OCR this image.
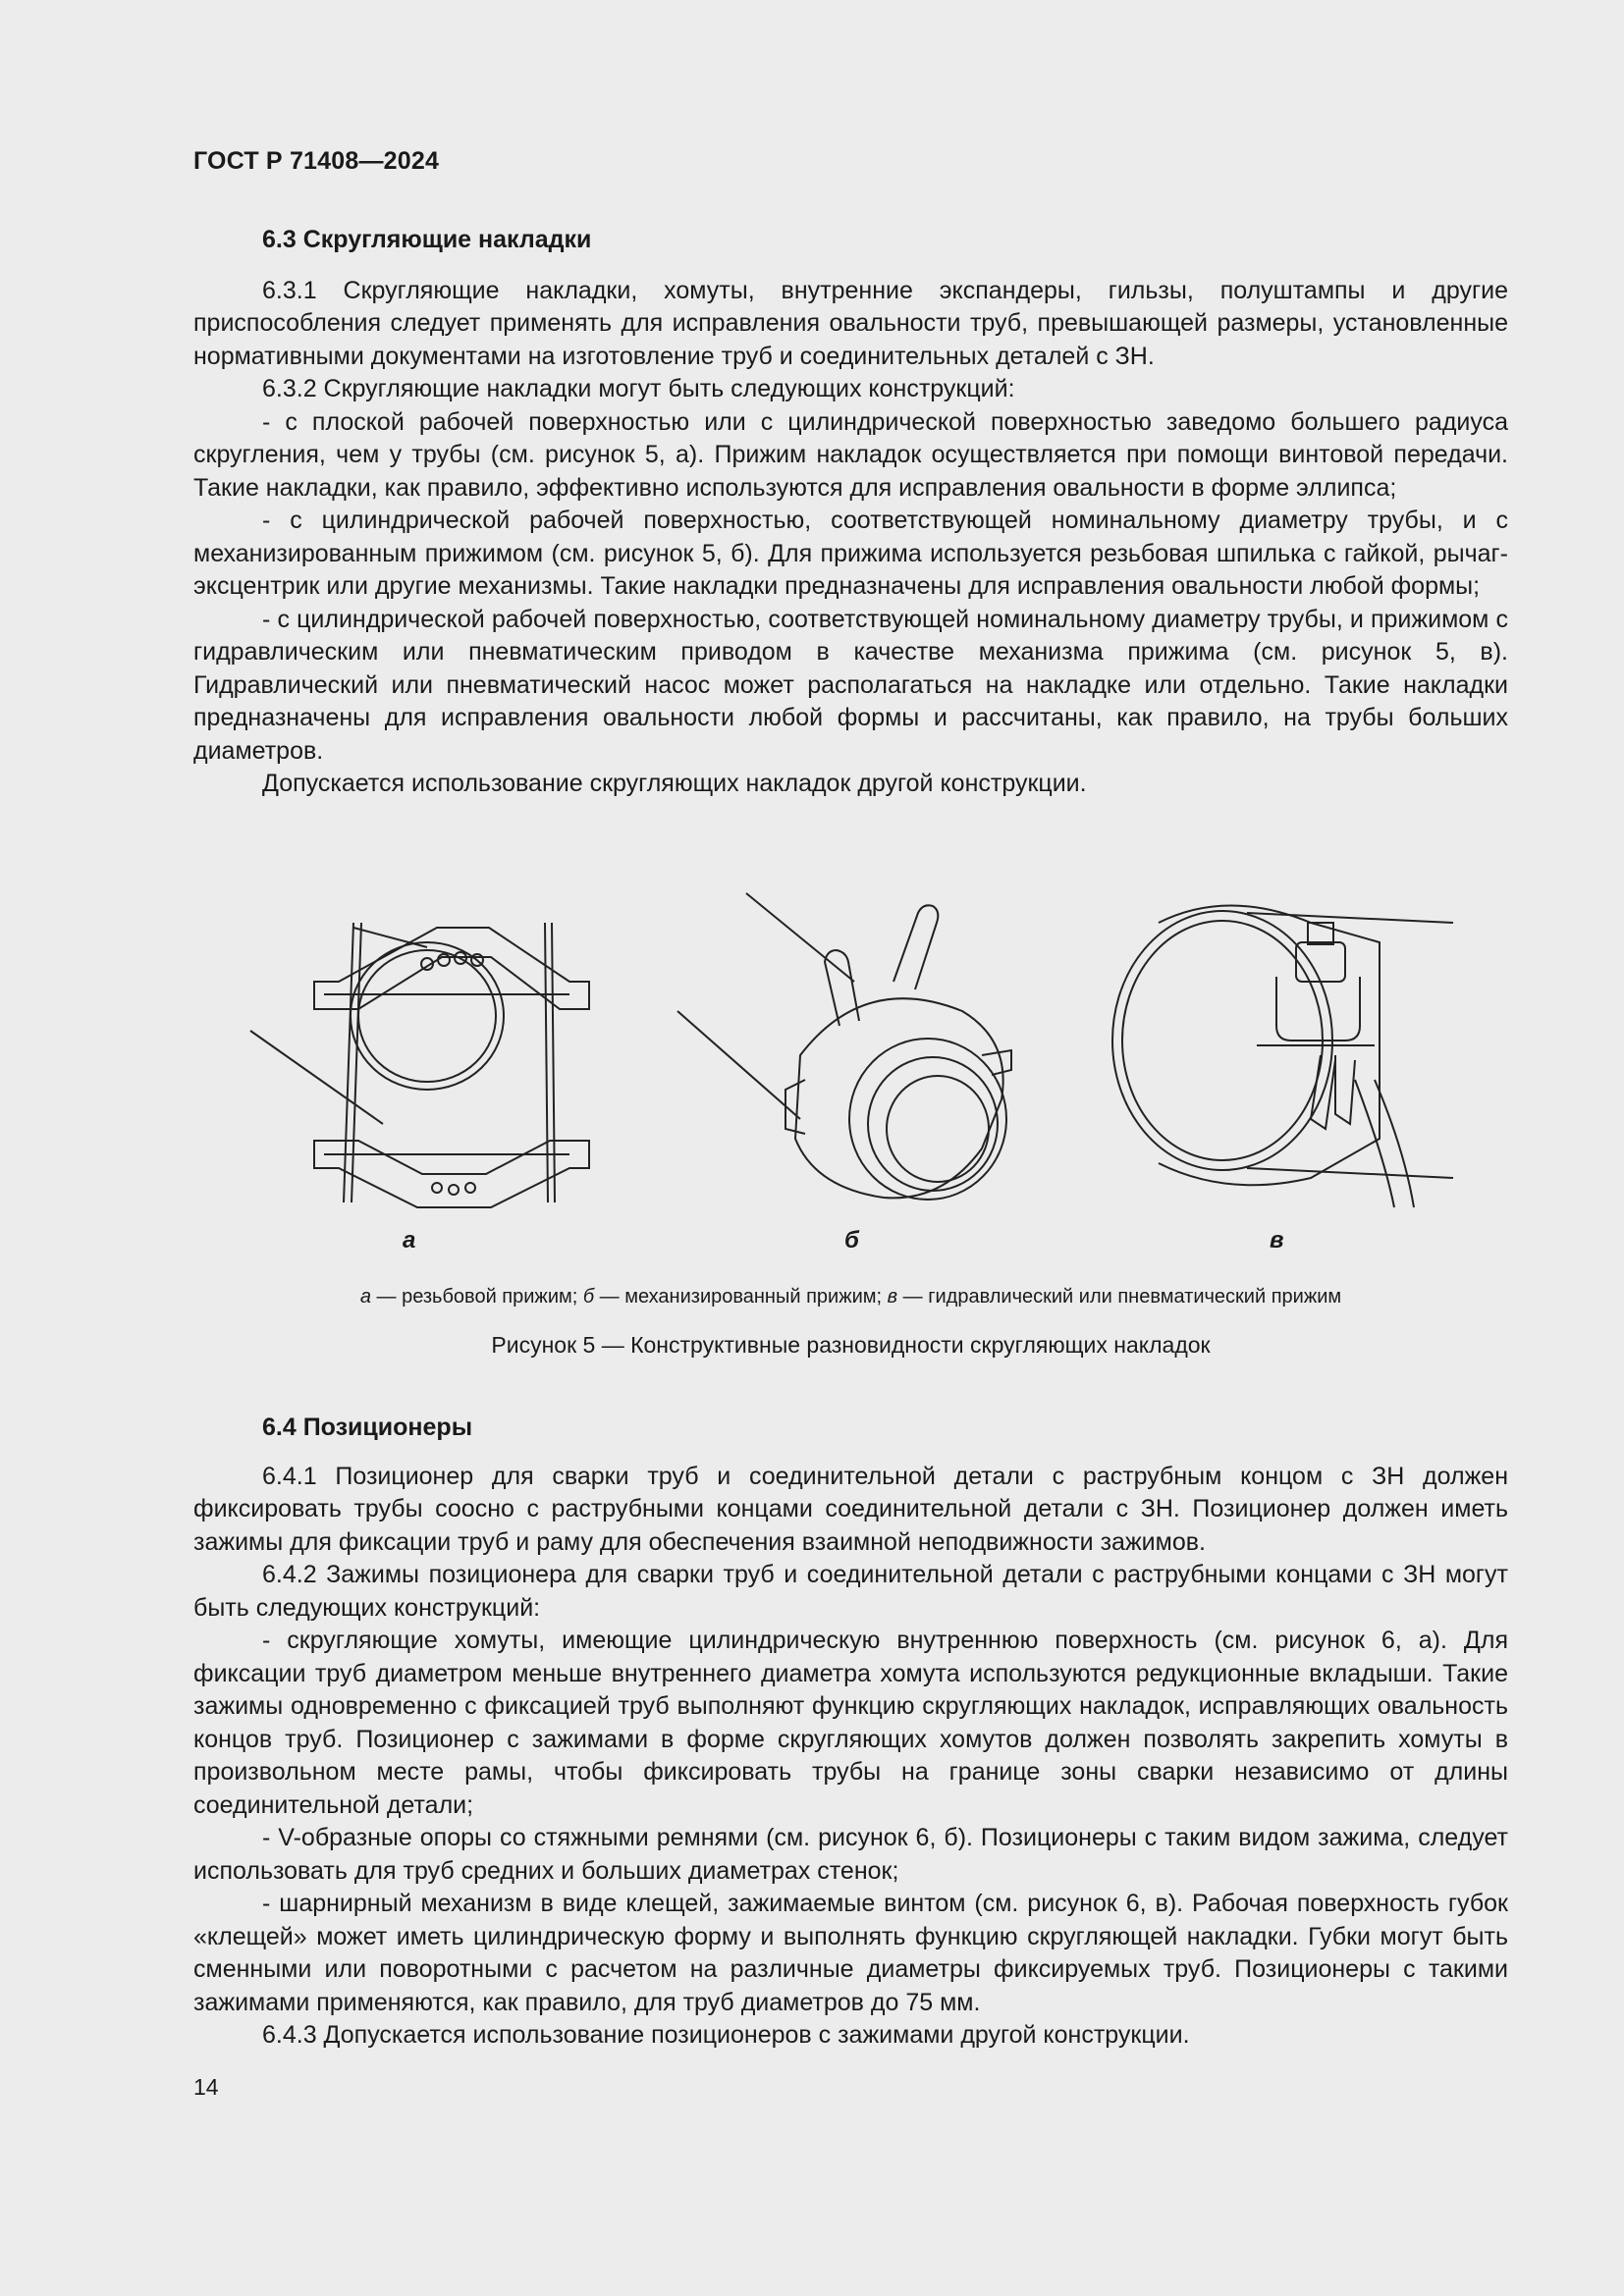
ГОСТ Р 71408—2024
6.3 Скругляющие накладки

6.3.1 Скругляющие накладки, хомуты, внутренние экспандеры, гильзы, полуштампы и другие приспособления следует применять для исправления овальности труб, превышающей размеры, установленные нормативными документами на изготовление труб и соединительных деталей с ЗН.

6.3.2 Скругляющие накладки могут быть следующих конструкций:

- с плоской рабочей поверхностью или с цилиндрической поверхностью заведомо большего радиуса скругления, чем у трубы (см. рисунок 5, а). Прижим накладок осуществляется при помощи винтовой передачи. Такие накладки, как правило, эффективно используются для исправления овальности в форме эллипса;

- с цилиндрической рабочей поверхностью, соответствующей номинальному диаметру трубы, и с механизированным прижимом (см. рисунок 5, б). Для прижима используется резьбовая шпилька с гайкой, рычаг-эксцентрик или другие механизмы. Такие накладки предназначены для исправления овальности любой формы;

- с цилиндрической рабочей поверхностью, соответствующей номинальному диаметру трубы, и прижимом с гидравлическим или пневматическим приводом в качестве механизма прижима (см. рисунок 5, в). Гидравлический или пневматический насос может располагаться на накладке или отдельно. Такие накладки предназначены для исправления овальности любой формы и рассчитаны, как правило, на трубы больших диаметров.

Допускается использование скругляющих накладок другой конструкции.

а	б	в
а — резьбовой прижим; б — механизированный прижим; в — гидравлический или пневматический прижим
Рисунок 5 — Конструктивные разновидности скругляющих накладок
6.4 Позиционеры

6.4.1 Позиционер для сварки труб и соединительной детали с раструбным концом с ЗН должен фиксировать трубы соосно с раструбными концами соединительной детали с ЗН. Позиционер должен иметь зажимы для фиксации труб и раму для обеспечения взаимной неподвижности зажимов.

6.4.2 Зажимы позиционера для сварки труб и соединительной детали с раструбными концами с ЗН могут быть следующих конструкций:

- скругляющие хомуты, имеющие цилиндрическую внутреннюю поверхность (см. рисунок 6, а). Для фиксации труб диаметром меньше внутреннего диаметра хомута используются редукционные вкладыши. Такие зажимы одновременно с фиксацией труб выполняют функцию скругляющих накладок, исправляющих овальность концов труб. Позиционер с зажимами в форме скругляющих хомутов должен позволять закрепить хомуты в произвольном месте рамы, чтобы фиксировать трубы на границе зоны сварки независимо от длины соединительной детали;

- V-образные опоры со стяжными ремнями (см. рисунок 6, б). Позиционеры с таким видом зажима, следует использовать для труб средних и больших диаметрах стенок;

- шарнирный механизм в виде клещей, зажимаемые винтом (см. рисунок 6, в). Рабочая поверхность губок «клещей» может иметь цилиндрическую форму и выполнять функцию скругляющей накладки. Губки могут быть сменными или поворотными с расчетом на различные диаметры фиксируемых труб. Позиционеры с такими зажимами применяются, как правило, для труб диаметров до 75 мм.

6.4.3 Допускается использование позиционеров с зажимами другой конструкции.

14
